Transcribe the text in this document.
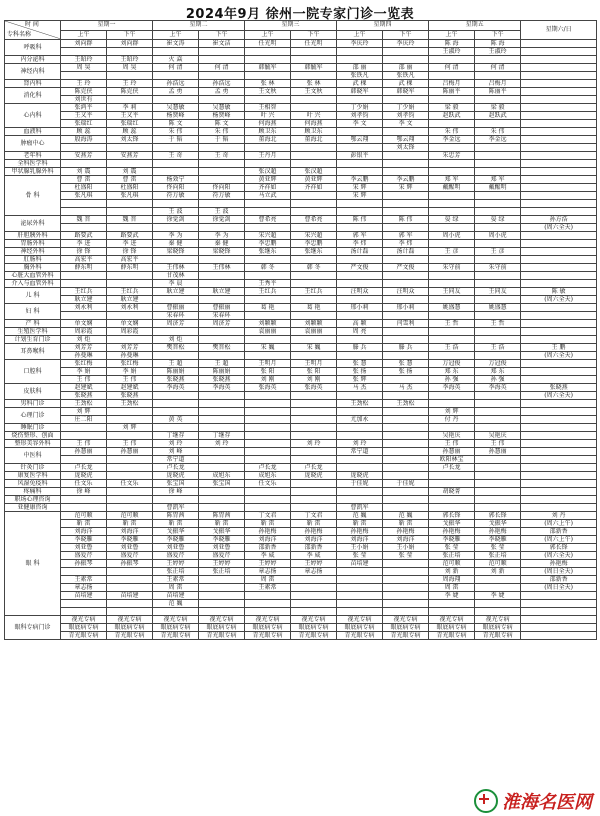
2024年9月 徐州一院专家门诊一览表
时 间
专科名称	星期一		星期二		星期三		星期四		星期五		星期六/日
	上午	下午	上午	下午	上午	下午	上午	下午	上午	下午	
呼吸科	刘向群	刘向群	崔文涛	崔文洁	任光明	任光明	李庆玲	李庆玲	陈 海	陈 海	
									王淑玲	王淑玲	
内分泌科	王昭玲	王昭玲	火 焱								
神经内科	周 昊	周 昊	何 清	何 清	韩毓军	韩毓军	邵 丽	邵 丽	何 清	何 清	
							张铁凡	张铁凡			
肾内科	王 玲	王 玲	孙浩远	孙浩远	张 林	张 林	武 棵	武 棵	吕梅月	吕梅月	
消化科	陈克侠	陈克侠	孟 勇	孟 勇	王文秋	王文秋	韩晓军	韩晓军	陈丽平	陈丽平	
	刘世有										
心内科	张鸿平	李 莉	吴慧敏	吴慧敏	王相智		丁少娟	丁少娟	梁 毅	梁 毅	
	王又平	王又平	杨贤峰	杨贤峰	叶 兴	叶 兴	刘孝钧	刘孝钧	赵跃武	赵跃武	
	张瑞红	张瑞红	陈 文	陈 文	何海燕	何海燕	李 文	李 文			
血液科	顾 蕊	顾 蕊	朱 伟	朱 伟	顾卫东	顾卫东			朱 伟	朱 伟	
肿瘤中心	殷海涛	刘太锋	于 韬	于 韬	董海北	董海北	鄂云翔	鄂云翔	李金远	李金远	
								刘太锋			
老年科	安燕芳	安燕芳	王 奇	王 奇	王丹月		彭银平		朱忠芳		
全科医学科											
甲状腺乳腺外科	刘 震	刘 震			张汉超	张汉超					
骨 科	曹 雷	曹 雷	杨效宁		黄亚辉	黄亚辉	李云鹏	李云鹏	郑 军	郑 军	
	杜盛阳	杜盛阳	佟向阳	佟向阳	齐祥如	齐祥如	宋 辉	宋 辉	戴醒明	戴醒明	
	张凡琪	张凡琪	符万敏	符万敏	马立武		宋 辉				

			王 波	王 波							
泌尿外科	魏 晋	魏 晋	徐觉剑	徐觉剑	曹希亮	曹希亮	陈 伟	陈 伟	晏 绿	晏 绿	孙方浩
											(周六全天)
肝胆胰外科	路要武	路要武	李 为	李 为	宋兴超	宋兴超	郭 军	郭 军	周小虎	周小虎	
胃肠外科	李 进	李 进	秦 健	秦 健	李忠鹏	李忠鹏	李 炜	李 炜			
神经外科	徐 锋	徐 锋	梁晓锋	梁晓锋	张继东	张继东	汤计磊	汤计磊	王 彦	王 彦	
肛肠科	高宏平	高宏平									
胸外科	薛东明	薛东明	王伟林	王伟林	韩 冬	韩 冬	严文俊	严文俊	朱守前	朱守前	
心脏大血管外科			甘茂林								
介入与血管外科			李 晨		王秀平						
儿 科	王红兵	王红兵	耿立建	耿立建	王红兵	王红兵	汪明众	汪明众	王同友	王同友	陈 敏
	耿立建	耿立建									(周六全天)
妇 科	刘永利	刘永利	曹振丽	曹振丽	葛 艳	葛 艳	邢小莉	邢小莉	姚盛慧	姚盛慧	
			宋春环	宋春环							
产 科	单文娴	单文娴	周济芳	周济芳	刘颖颖	刘颖颖	高 颖	闫雪利	王 哲	王 哲	
生殖医学科	周彩霞	周彩霞			袁丽丽	袁丽丽	周 亮				
计划生育门诊	刘 炬		刘 炬								
耳鼻喉科	刘芳芳	刘芳芳	樊晋松	樊晋松	宋 巍	宋 巍	滕 兵	滕 兵	王 浩	王 浩	王 鹏
	孙曼琳	孙曼琳									(周六全天)
口腔科	张红梅	张红梅	王 超	王 超	王明月	王明月	张 慧	张 慧	万冠俊	万冠俊	
	李 娟	李 娟	陈丽娟	陈丽娟	张 阳	张 阳	张 扬	张 扬	郑 东	郑 东	
	王 伟	王 伟	张晓燕	张晓燕	刘 刚	刘 刚	张 辉		孙 强	孙 强	
皮肤科	赵建斌	赵建斌	李海英	李海英	张海英	张海英	马 杰	马 杰	李海英	李海英	张晓燕
	张晓燕	张晓燕									(周六全天)
男科门诊	王劲松	王劲松					王劲松	王劲松			
心理门诊	刘 辉								刘 辉		
	庄二阳		黄 英				尤加永		付 丹		
睡眠门诊		刘 辉									
烧伤整形、创面			丁继存	丁继存					吴艳庆	吴艳庆	
整形美容外科	王 伟	王 伟	刘 玲	刘 玲		刘 玲	刘 玲		王 伟	王 伟	
中医科	孙慧丽	孙慧丽	刘 峰				常宁道		孙慧丽	孙慧丽	
			常宁道						欧阳林宝		
针灸门诊	卢长龙		卢长龙		卢长龙	卢长龙			卢长龙		
康复医学科	庞晓虎		庞晓虎	成旭东	成旭东	庞晓虎	庞晓虎				
风湿免疫科	任文乐	任文乐	张宝国	张宝国	任文乐		于佳妮	于佳妮			
疼痛科	徐 峰		徐 峰						胡晓菁		
职场心理咨询											
亚健康咨询			曹凯军				曹凯军				
眼 科	范可顺	范可顺	陈胃茜	陈胃茜	丁文君	丁文君	范 巍	范 巍	郭长锋	郭长锋	刘 丹
	靳 雷	靳 雷	靳 雷	靳 雷	靳 雷	靳 雷	靳 雷	靳 雷	戈振华	戈振华	(周六上午)
	刘海洋	刘海洋	戈振华	戈振华	孙艳梅	孙艳梅	孙艳梅	孙艳梅	孙艳梅	孙艳梅	邵新香
	李晓雁	李晓雁	李晓雁	李晓雁	刘海洋	刘海洋	刘海洋	刘海洋	李晓雁	李晓雁	(周六上午)
	刘亚鲁	刘亚鲁	刘亚鲁	刘亚鲁	邵新香	邵新香	王小娟	王小娟	张 莹	张 莹	郭长锋
	盛爱芹	盛爱芹	盛爱芹	盛爱芹	李 威	李 威	张 莹	张 莹	张正培	张正培	(周六全天)
	孙振琴	孙振琴	王婷婷	王婷婷	王婷婷	王婷婷	苗培建		范可顺	范可顺	孙艳梅
			张正培	张正培	章志扬	章志扬			刘 新	刘 新	(周日全天)
	王素常		王素常		周 雷				周海翔		邵新香
	章志扬		周 雷		王素常				周 雷		(周日全天)
	苗培建	苗培建	苗培建						李 婕	李 婕	
			范 巍								

眼科专病门诊	视光专病	视光专病	视光专病	视光专病	视光专病	视光专病	视光专病	视光专病	视光专病	视光专病	
	眼底病专病	眼底病专病	眼底病专病	眼底病专病	眼底病专病	眼底病专病	眼底病专病	眼底病专病	眼底病专病	眼底病专病	
	青光眼专病	青光眼专病	青光眼专病	青光眼专病	青光眼专病	青光眼专病	青光眼专病	青光眼专病	青光眼专病	青光眼专病	
淮海名医网
